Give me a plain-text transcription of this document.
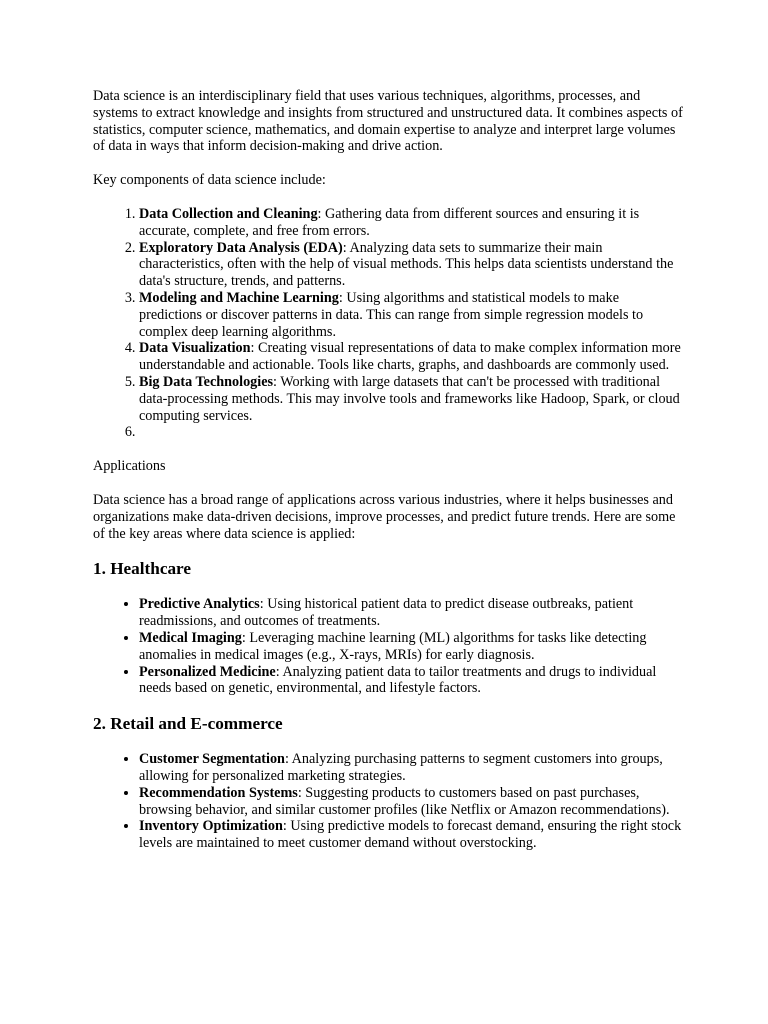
Data science is an interdisciplinary field that uses various techniques, algorithms, processes, and systems to extract knowledge and insights from structured and unstructured data. It combines aspects of statistics, computer science, mathematics, and domain expertise to analyze and interpret large volumes of data in ways that inform decision-making and drive action.

Key components of data science include:

1. Data Collection and Cleaning: Gathering data from different sources and ensuring it is accurate, complete, and free from errors.
2. Exploratory Data Analysis (EDA): Analyzing data sets to summarize their main characteristics, often with the help of visual methods. This helps data scientists understand the data's structure, trends, and patterns.
3. Modeling and Machine Learning: Using algorithms and statistical models to make predictions or discover patterns in data. This can range from simple regression models to complex deep learning algorithms.
4. Data Visualization: Creating visual representations of data to make complex information more understandable and actionable. Tools like charts, graphs, and dashboards are commonly used.
5. Big Data Technologies: Working with large datasets that can't be processed with traditional data-processing methods. This may involve tools and frameworks like Hadoop, Spark, or cloud computing services.
6.

Applications

Data science has a broad range of applications across various industries, where it helps businesses and organizations make data-driven decisions, improve processes, and predict future trends. Here are some of the key areas where data science is applied:

1. Healthcare
• Predictive Analytics: Using historical patient data to predict disease outbreaks, patient readmissions, and outcomes of treatments.
• Medical Imaging: Leveraging machine learning (ML) algorithms for tasks like detecting anomalies in medical images (e.g., X-rays, MRIs) for early diagnosis.
• Personalized Medicine: Analyzing patient data to tailor treatments and drugs to individual needs based on genetic, environmental, and lifestyle factors.
2. Retail and E-commerce
• Customer Segmentation: Analyzing purchasing patterns to segment customers into groups, allowing for personalized marketing strategies.
• Recommendation Systems: Suggesting products to customers based on past purchases, browsing behavior, and similar customer profiles (like Netflix or Amazon recommendations).
• Inventory Optimization: Using predictive models to forecast demand, ensuring the right stock levels are maintained to meet customer demand without overstocking.
